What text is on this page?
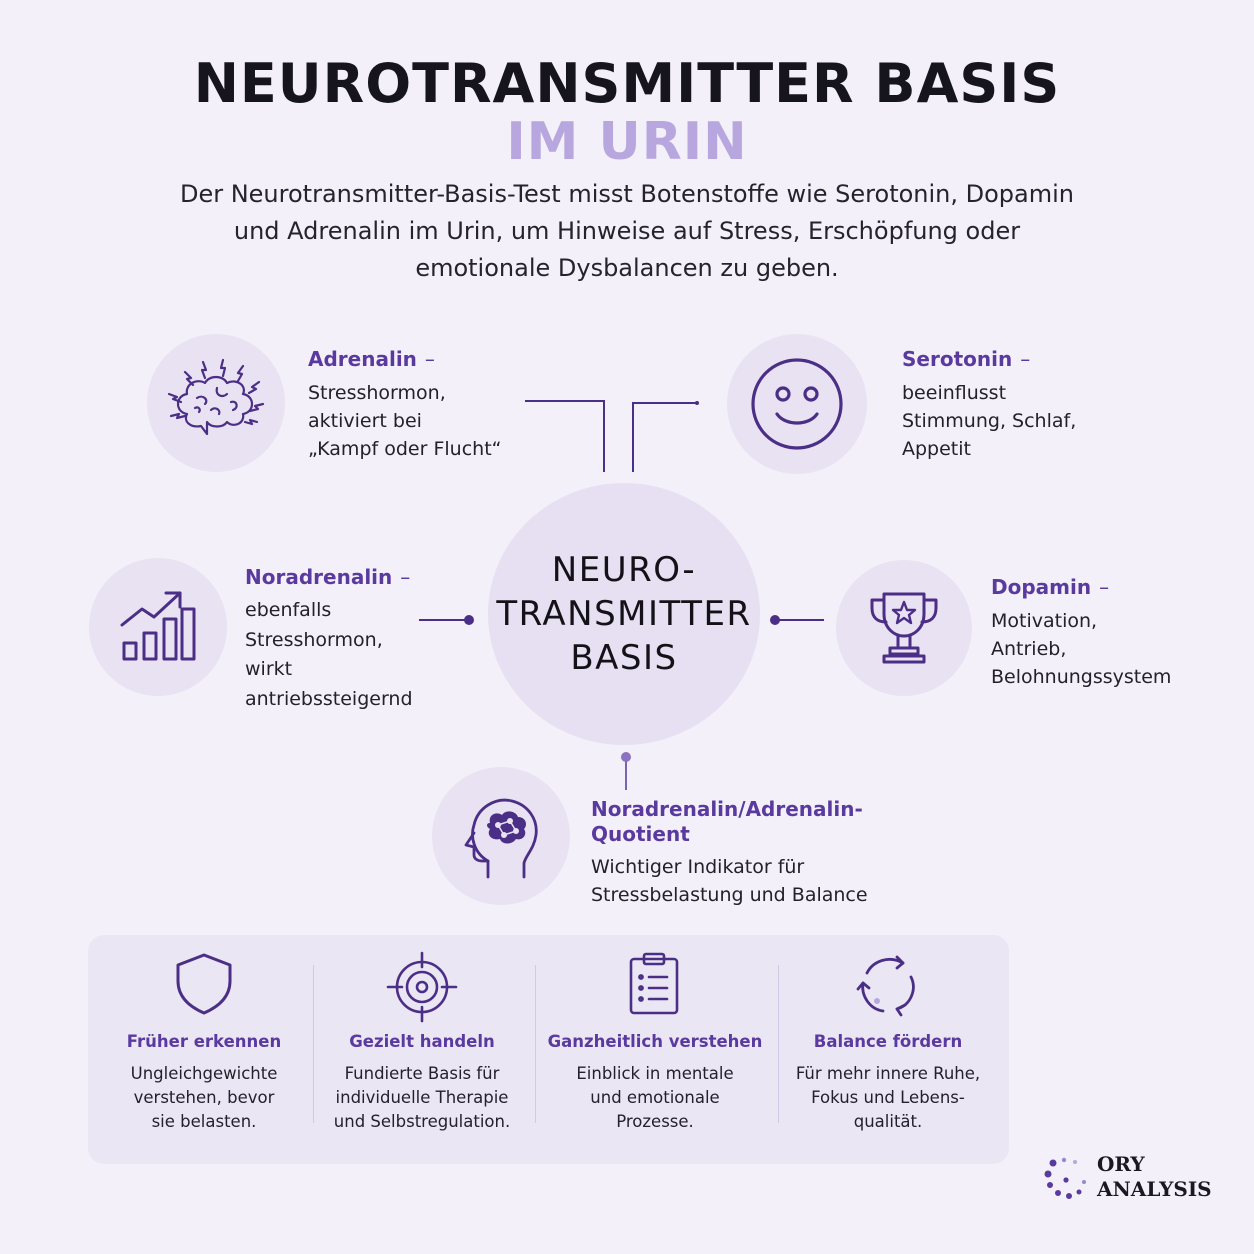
NEUROTRANSMITTER BASIS
IM URIN
Der Neurotransmitter-Basis-Test misst Botenstoffe wie Serotonin, Dopamin und Adrenalin im Urin, um Hinweise auf Stress, Erschöpfung oder emotionale Dysbalancen zu geben.
NEURO-
TRANSMITTER
BASIS
Adrenalin –
Stresshormon,
aktiviert bei
„Kampf oder Flucht“
Serotonin –
beeinflusst
Stimmung, Schlaf,
Appetit
Noradrenalin –
ebenfalls
Stresshormon,
wirkt
antriebssteigernd
Dopamin –
Motivation,
Antrieb,
Belohnungssystem
Noradrenalin/Adrenalin-
Quotient
Wichtiger Indikator für
Stressbelastung und Balance
Früher erkennen
Ungleichgewichte
verstehen, bevor
sie belasten.
Gezielt handeln
Fundierte Basis für
individuelle Therapie
und Selbstregulation.
Ganzheitlich verstehen
Einblick in mentale
und emotionale
Prozesse.
Balance fördern
Für mehr innere Ruhe,
Fokus und Lebens-
qualität.
ORY
ANALYSIS
